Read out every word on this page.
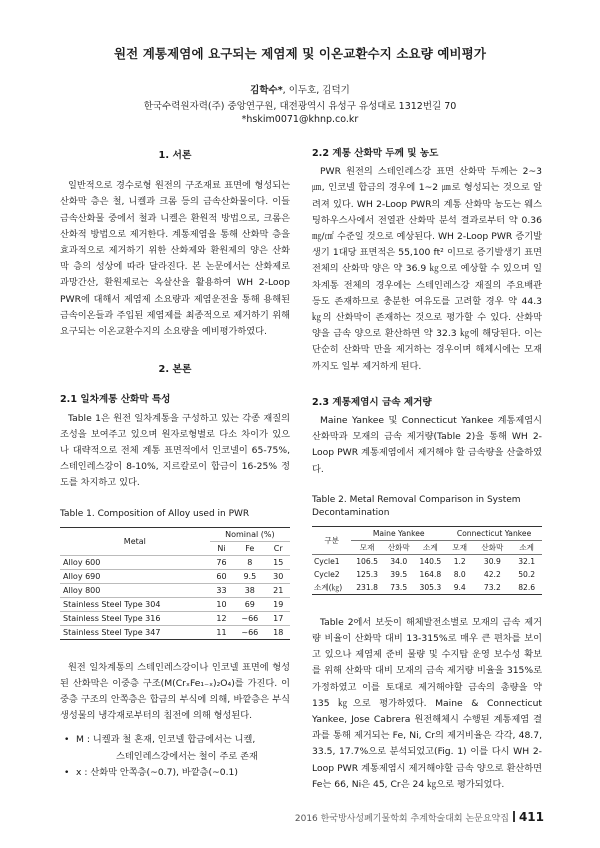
원전 계통제염에 요구되는 제염제 및 이온교환수지 소요량 예비평가
김학수*, 이두호, 김덕기
한국수력원자력(주) 중앙연구원, 대전광역시 유성구 유성대로 1312번길 70
*hskim0071@khnp.co.kr
1. 서론

일반적으로 경수로형 원전의 구조재료 표면에 형성되는 산화막 층은 철, 니켈과 크롬 등의 금속산화물이다. 이들 금속산화물 중에서 철과 니켈은 환원적 방법으로, 크롬은 산화적 방법으로 제거한다. 계통제염을 통해 산화막 층을 효과적으로 제거하기 위한 산화제와 환원제의 양은 산화막 층의 성상에 따라 달라진다. 본 논문에서는 산화제로 과망간산, 환원제로는 옥살산을 활용하여 WH 2-Loop PWR에 대해서 제염제 소요량과 제염운전을 통해 용해된 금속이온들과 주입된 제염제를 최종적으로 제거하기 위해 요구되는 이온교환수지의 소요량을 예비평가하였다.

2. 본론
2.1 일차계통 산화막 특성

Table 1은 원전 일차계통을 구성하고 있는 각종 재질의 조성을 보여주고 있으며 원자로형별로 다소 차이가 있으나 대략적으로 전체 계통 표면적에서 인코넬이 65-75%, 스테인레스강이 8-10%, 지르칼로이 합금이 16-25% 정도를 차지하고 있다.

Table 1. Composition of Alloy used in PWR
Metal	Nominal (%)		
	Ni	Fe	Cr
Alloy 600	76	8	15
Alloy 690	60	9.5	30
Alloy 800	33	38	21
Stainless Steel Type 304	10	69	19
Stainless Steel Type 316	12	~66	17
Stainless Steel Type 347	11	~66	18

원전 일차계통의 스테인레스강이나 인코넬 표면에 형성된 산화막은 이중층 구조(M(CrₓFe₁₋ₓ)₂O₄)를 가진다. 이중층 구조의 안쪽층은 합금의 부식에 의해, 바깥층은 부식생성물의 냉각재로부터의 침전에 의해 형성된다.

• M : 니켈과 철 혼재, 인코넬 합금에서는 니켈,
스테인레스강에서는 철이 주로 존재
• x : 산화막 안쪽층(~0.7), 바깥층(~0.1)
2.2 계통 산화막 두께 및 농도

PWR 원전의 스테인레스강 표면 산화막 두께는 2~3 ㎛, 인코넬 합금의 경우에 1~2 ㎛로 형성되는 것으로 알려져 있다. WH 2-Loop PWR의 계통 산화막 농도는 웨스팅하우스사에서 전열관 산화막 분석 결과로부터 약 0.36 ㎎/㎠ 수준일 것으로 예상된다. WH 2-Loop PWR 증기발생기 1대당 표면적은 55,100 ft² 이므로 증기발생기 표면 전체의 산화막 양은 약 36.9 ㎏으로 예상할 수 있으며 일차계통 전체의 경우에는 스테인레스강 재질의 주요배관 등도 존재하므로 충분한 여유도를 고려할 경우 약 44.3 ㎏의 산화막이 존재하는 것으로 평가할 수 있다. 산화막 양을 금속 양으로 환산하면 약 32.3 ㎏에 해당된다. 이는 단순히 산화막 만을 제거하는 경우이며 해체시에는 모재까지도 일부 제거하게 된다.

2.3 계통제염시 금속 제거량

Maine Yankee 및 Connecticut Yankee 계통제염시 산화막과 모재의 금속 제거량(Table 2)을 통해 WH 2-Loop PWR 계통제염에서 제거해야 할 금속량을 산출하였다.

Table 2. Metal Removal Comparison in System Decontamination
구분	Maine Yankee			Connecticut Yankee		
	모재	산화막	소계	모재	산화막	소계
Cycle1	106.5	34.0	140.5	1.2	30.9	32.1
Cycle2	125.3	39.5	164.8	8.0	42.2	50.2
소계(㎏)	231.8	73.5	305.3	9.4	73.2	82.6

Table 2에서 보듯이 해체발전소별로 모재의 금속 제거량 비율이 산화막 대비 13-315%로 매우 큰 편차를 보이고 있으나 제염제 준비 물량 및 수지탑 운영 보수성 확보를 위해 산화막 대비 모재의 금속 제거량 비율을 315%로 가정하였고 이를 토대로 제거해야할 금속의 총량을 약 135 ㎏으로 평가하였다. Maine & Connecticut Yankee, Jose Cabrera 원전해체시 수행된 계통제염 결과를 통해 제거되는 Fe, Ni, Cr의 제거비율은 각각, 48.7, 33.5, 17.7%으로 분석되었고(Fig. 1) 이를 다시 WH 2-Loop PWR 계통제염시 제거해야할 금속 양으로 환산하면 Fe는 66, Ni은 45, Cr은 24 ㎏으로 평가되었다.

2016 한국방사성폐기물학회 추계학술대회 논문요약집 411
